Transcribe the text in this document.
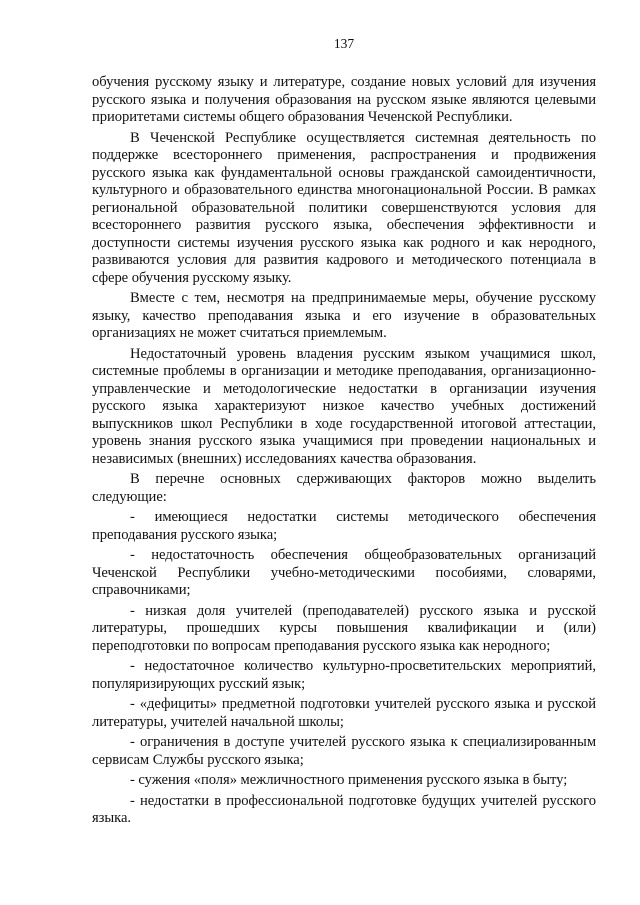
137

обучения русскому языку и литературе, создание новых условий для изучения русского языка и получения образования на русском языке являются целевыми приоритетами системы общего образования Чеченской Республики.

В Чеченской Республике осуществляется системная деятельность по поддержке всестороннего применения, распространения и продвижения русского языка как фундаментальной основы гражданской самоидентичности, культурного и образовательного единства многонациональной России. В рамках региональной образовательной политики совершенствуются условия для всестороннего развития русского языка, обеспечения эффективности и доступности системы изучения русского языка как родного и как неродного, развиваются условия для развития кадрового и методического потенциала в сфере обучения русскому языку.

Вместе с тем, несмотря на предпринимаемые меры, обучение русскому языку, качество преподавания языка и его изучение в образовательных организациях не может считаться приемлемым.

Недостаточный уровень владения русским языком учащимися школ, системные проблемы в организации и методике преподавания, организационно-управленческие и методологические недостатки в организации изучения русского языка характеризуют низкое качество учебных достижений выпускников школ Республики в ходе государственной итоговой аттестации, уровень знания русского языка учащимися при проведении национальных и независимых (внешних) исследованиях качества образования.

В перечне основных сдерживающих факторов можно выделить следующие:

- имеющиеся недостатки системы методического обеспечения преподавания русского языка;

- недостаточность обеспечения общеобразовательных организаций Чеченской Республики учебно-методическими пособиями, словарями, справочниками;

- низкая доля учителей (преподавателей) русского языка и русской литературы, прошедших курсы повышения квалификации и (или) переподготовки по вопросам преподавания русского языка как неродного;

- недостаточное количество культурно-просветительских мероприятий, популяризирующих русский язык;

- «дефициты» предметной подготовки учителей русского языка и русской литературы, учителей начальной школы;

- ограничения в доступе учителей русского языка к специализированным сервисам Службы русского языка;

- сужения «поля» межличностного применения русского языка в быту;

- недостатки в профессиональной подготовке будущих учителей русского языка.
